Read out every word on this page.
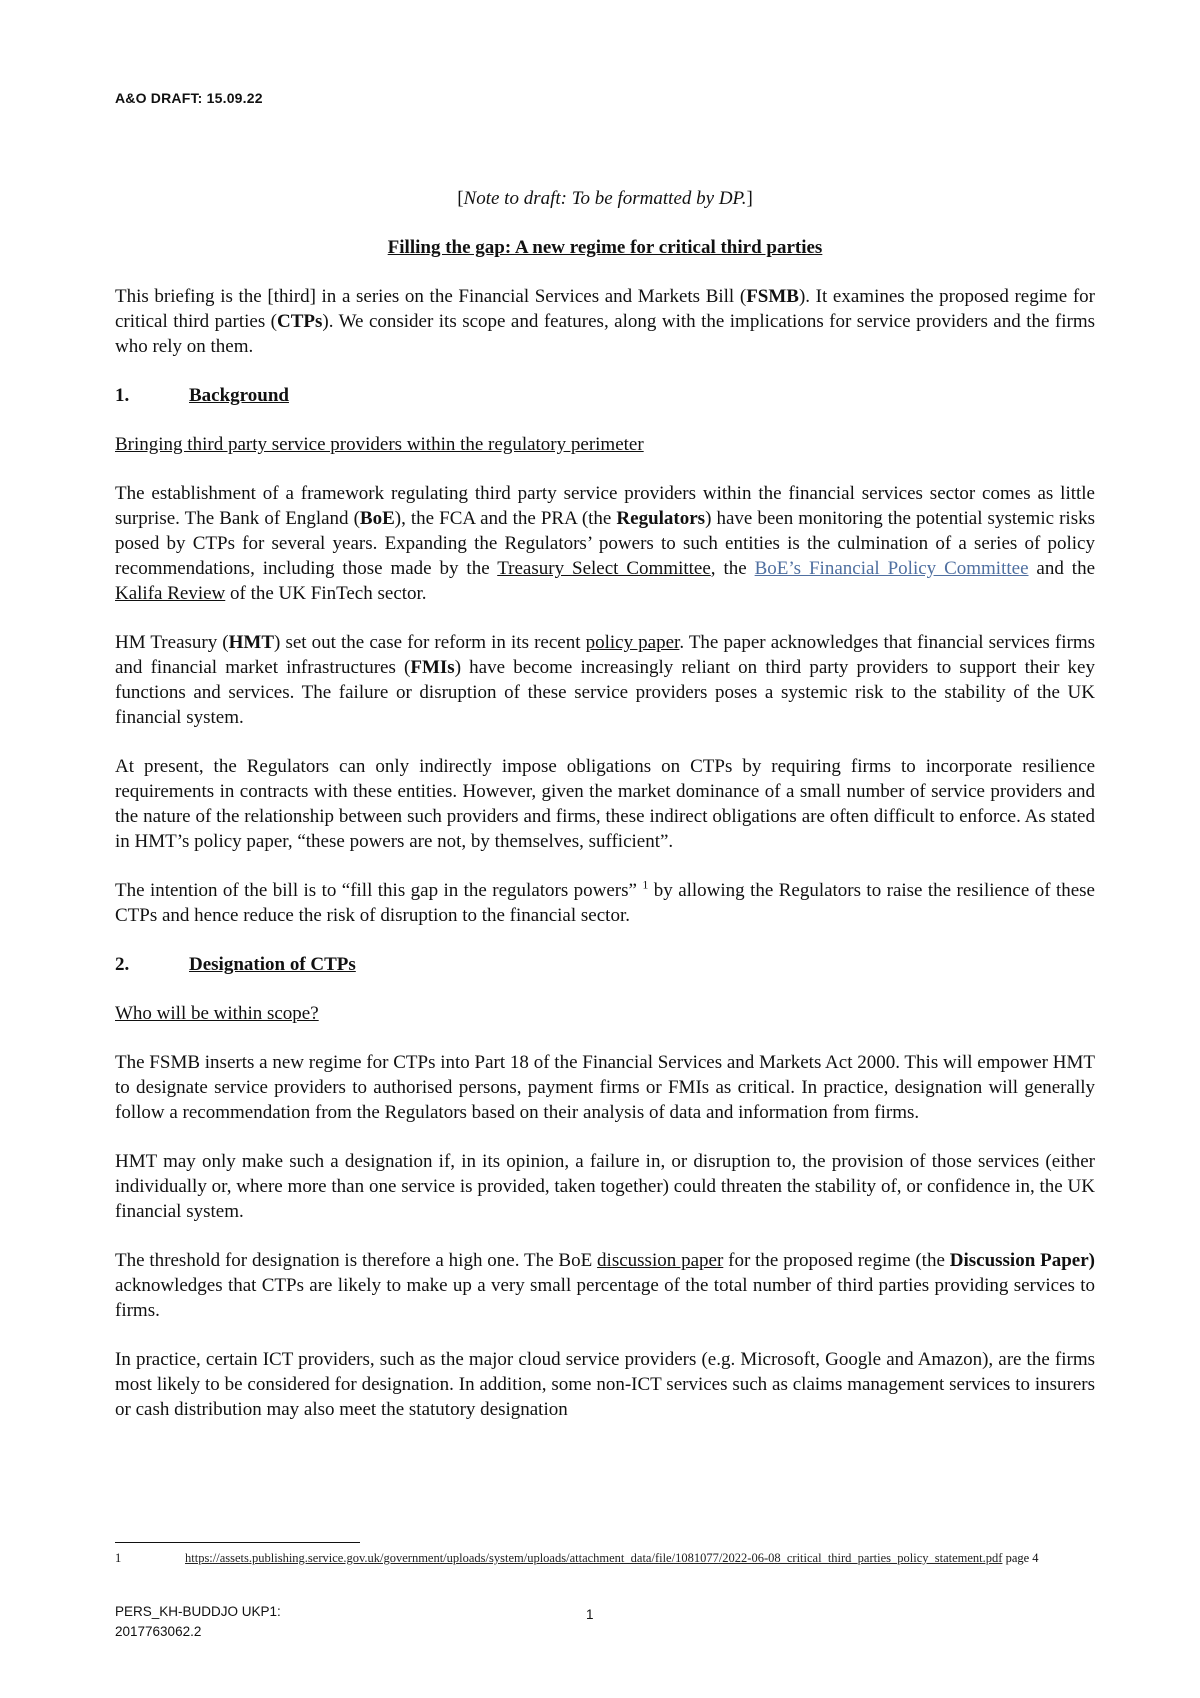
A&O DRAFT: 15.09.22

[Note to draft: To be formatted by DP.]

Filling the gap: A new regime for critical third parties

This briefing is the [third] in a series on the Financial Services and Markets Bill (FSMB). It examines the proposed regime for critical third parties (CTPs). We consider its scope and features, along with the implications for service providers and the firms who rely on them.

1.	Background
Bringing third party service providers within the regulatory perimeter

The establishment of a framework regulating third party service providers within the financial services sector comes as little surprise. The Bank of England (BoE), the FCA and the PRA (the Regulators) have been monitoring the potential systemic risks posed by CTPs for several years. Expanding the Regulators’ powers to such entities is the culmination of a series of policy recommendations, including those made by the Treasury Select Committee, the BoE’s Financial Policy Committee and the Kalifa Review of the UK FinTech sector.

HM Treasury (HMT) set out the case for reform in its recent policy paper. The paper acknowledges that financial services firms and financial market infrastructures (FMIs) have become increasingly reliant on third party providers to support their key functions and services. The failure or disruption of these service providers poses a systemic risk to the stability of the UK financial system.

At present, the Regulators can only indirectly impose obligations on CTPs by requiring firms to incorporate resilience requirements in contracts with these entities. However, given the market dominance of a small number of service providers and the nature of the relationship between such providers and firms, these indirect obligations are often difficult to enforce. As stated in HMT’s policy paper, “these powers are not, by themselves, sufficient”.

The intention of the bill is to “fill this gap in the regulators powers” $^1$ by allowing the Regulators to raise the resilience of these CTPs and hence reduce the risk of disruption to the financial sector.

2.	Designation of CTPs
Who will be within scope?

The FSMB inserts a new regime for CTPs into Part 18 of the Financial Services and Markets Act 2000. This will empower HMT to designate service providers to authorised persons, payment firms or FMIs as critical. In practice, designation will generally follow a recommendation from the Regulators based on their analysis of data and information from firms.

HMT may only make such a designation if, in its opinion, a failure in, or disruption to, the provision of those services (either individually or, where more than one service is provided, taken together) could threaten the stability of, or confidence in, the UK financial system.

The threshold for designation is therefore a high one. The BoE discussion paper for the proposed regime (the Discussion Paper) acknowledges that CTPs are likely to make up a very small percentage of the total number of third parties providing services to firms.

In practice, certain ICT providers, such as the major cloud service providers (e.g. Microsoft, Google and Amazon), are the firms most likely to be considered for designation. In addition, some non-ICT services such as claims management services to insurers or cash distribution may also meet the statutory designation

1	https://assets.publishing.service.gov.uk/government/uploads/system/uploads/attachment_data/file/1081077/2022-06-08_critical_third_parties_policy_statement.pdf page 4
PERS_KH-BUDDJO UKP1:
2017763062.2
1
